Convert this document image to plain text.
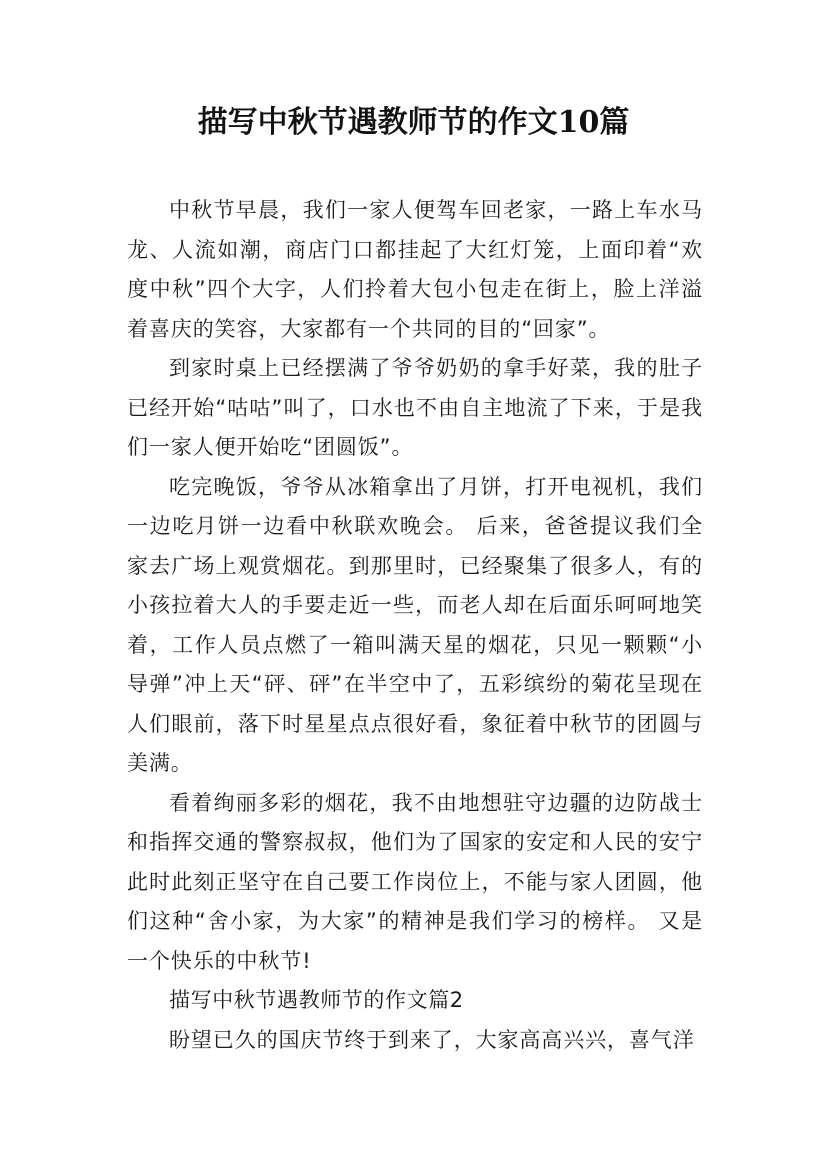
描写中秋节遇教师节的作文10篇

中秋节早晨，我们一家人便驾车回老家，一路上车水马龙、人流如潮，商店门口都挂起了大红灯笼，上面印着“欢度中秋”四个大字，人们拎着大包小包走在街上，脸上洋溢着喜庆的笑容，大家都有一个共同的目的“回家”。

到家时桌上已经摆满了爷爷奶奶的拿手好菜，我的肚子已经开始“咕咕”叫了，口水也不由自主地流了下来，于是我们一家人便开始吃“团圆饭”。

吃完晚饭，爷爷从冰箱拿出了月饼，打开电视机，我们一边吃月饼一边看中秋联欢晚会。 后来，爸爸提议我们全家去广场上观赏烟花。到那里时，已经聚集了很多人，有的小孩拉着大人的手要走近一些，而老人却在后面乐呵呵地笑着，工作人员点燃了一箱叫满天星的烟花，只见一颗颗“小导弹”冲上天“砰、砰”在半空中了，五彩缤纷的菊花呈现在人们眼前，落下时星星点点很好看，象征着中秋节的团圆与美满。

看着绚丽多彩的烟花，我不由地想驻守边疆的边防战士和指挥交通的警察叔叔，他们为了国家的安定和人民的安宁此时此刻正坚守在自己要工作岗位上，不能与家人团圆，他们这种“舍小家，为大家”的精神是我们学习的榜样。 又是一个快乐的中秋节!

描写中秋节遇教师节的作文篇2

盼望已久的国庆节终于到来了，大家高高兴兴，喜气洋
